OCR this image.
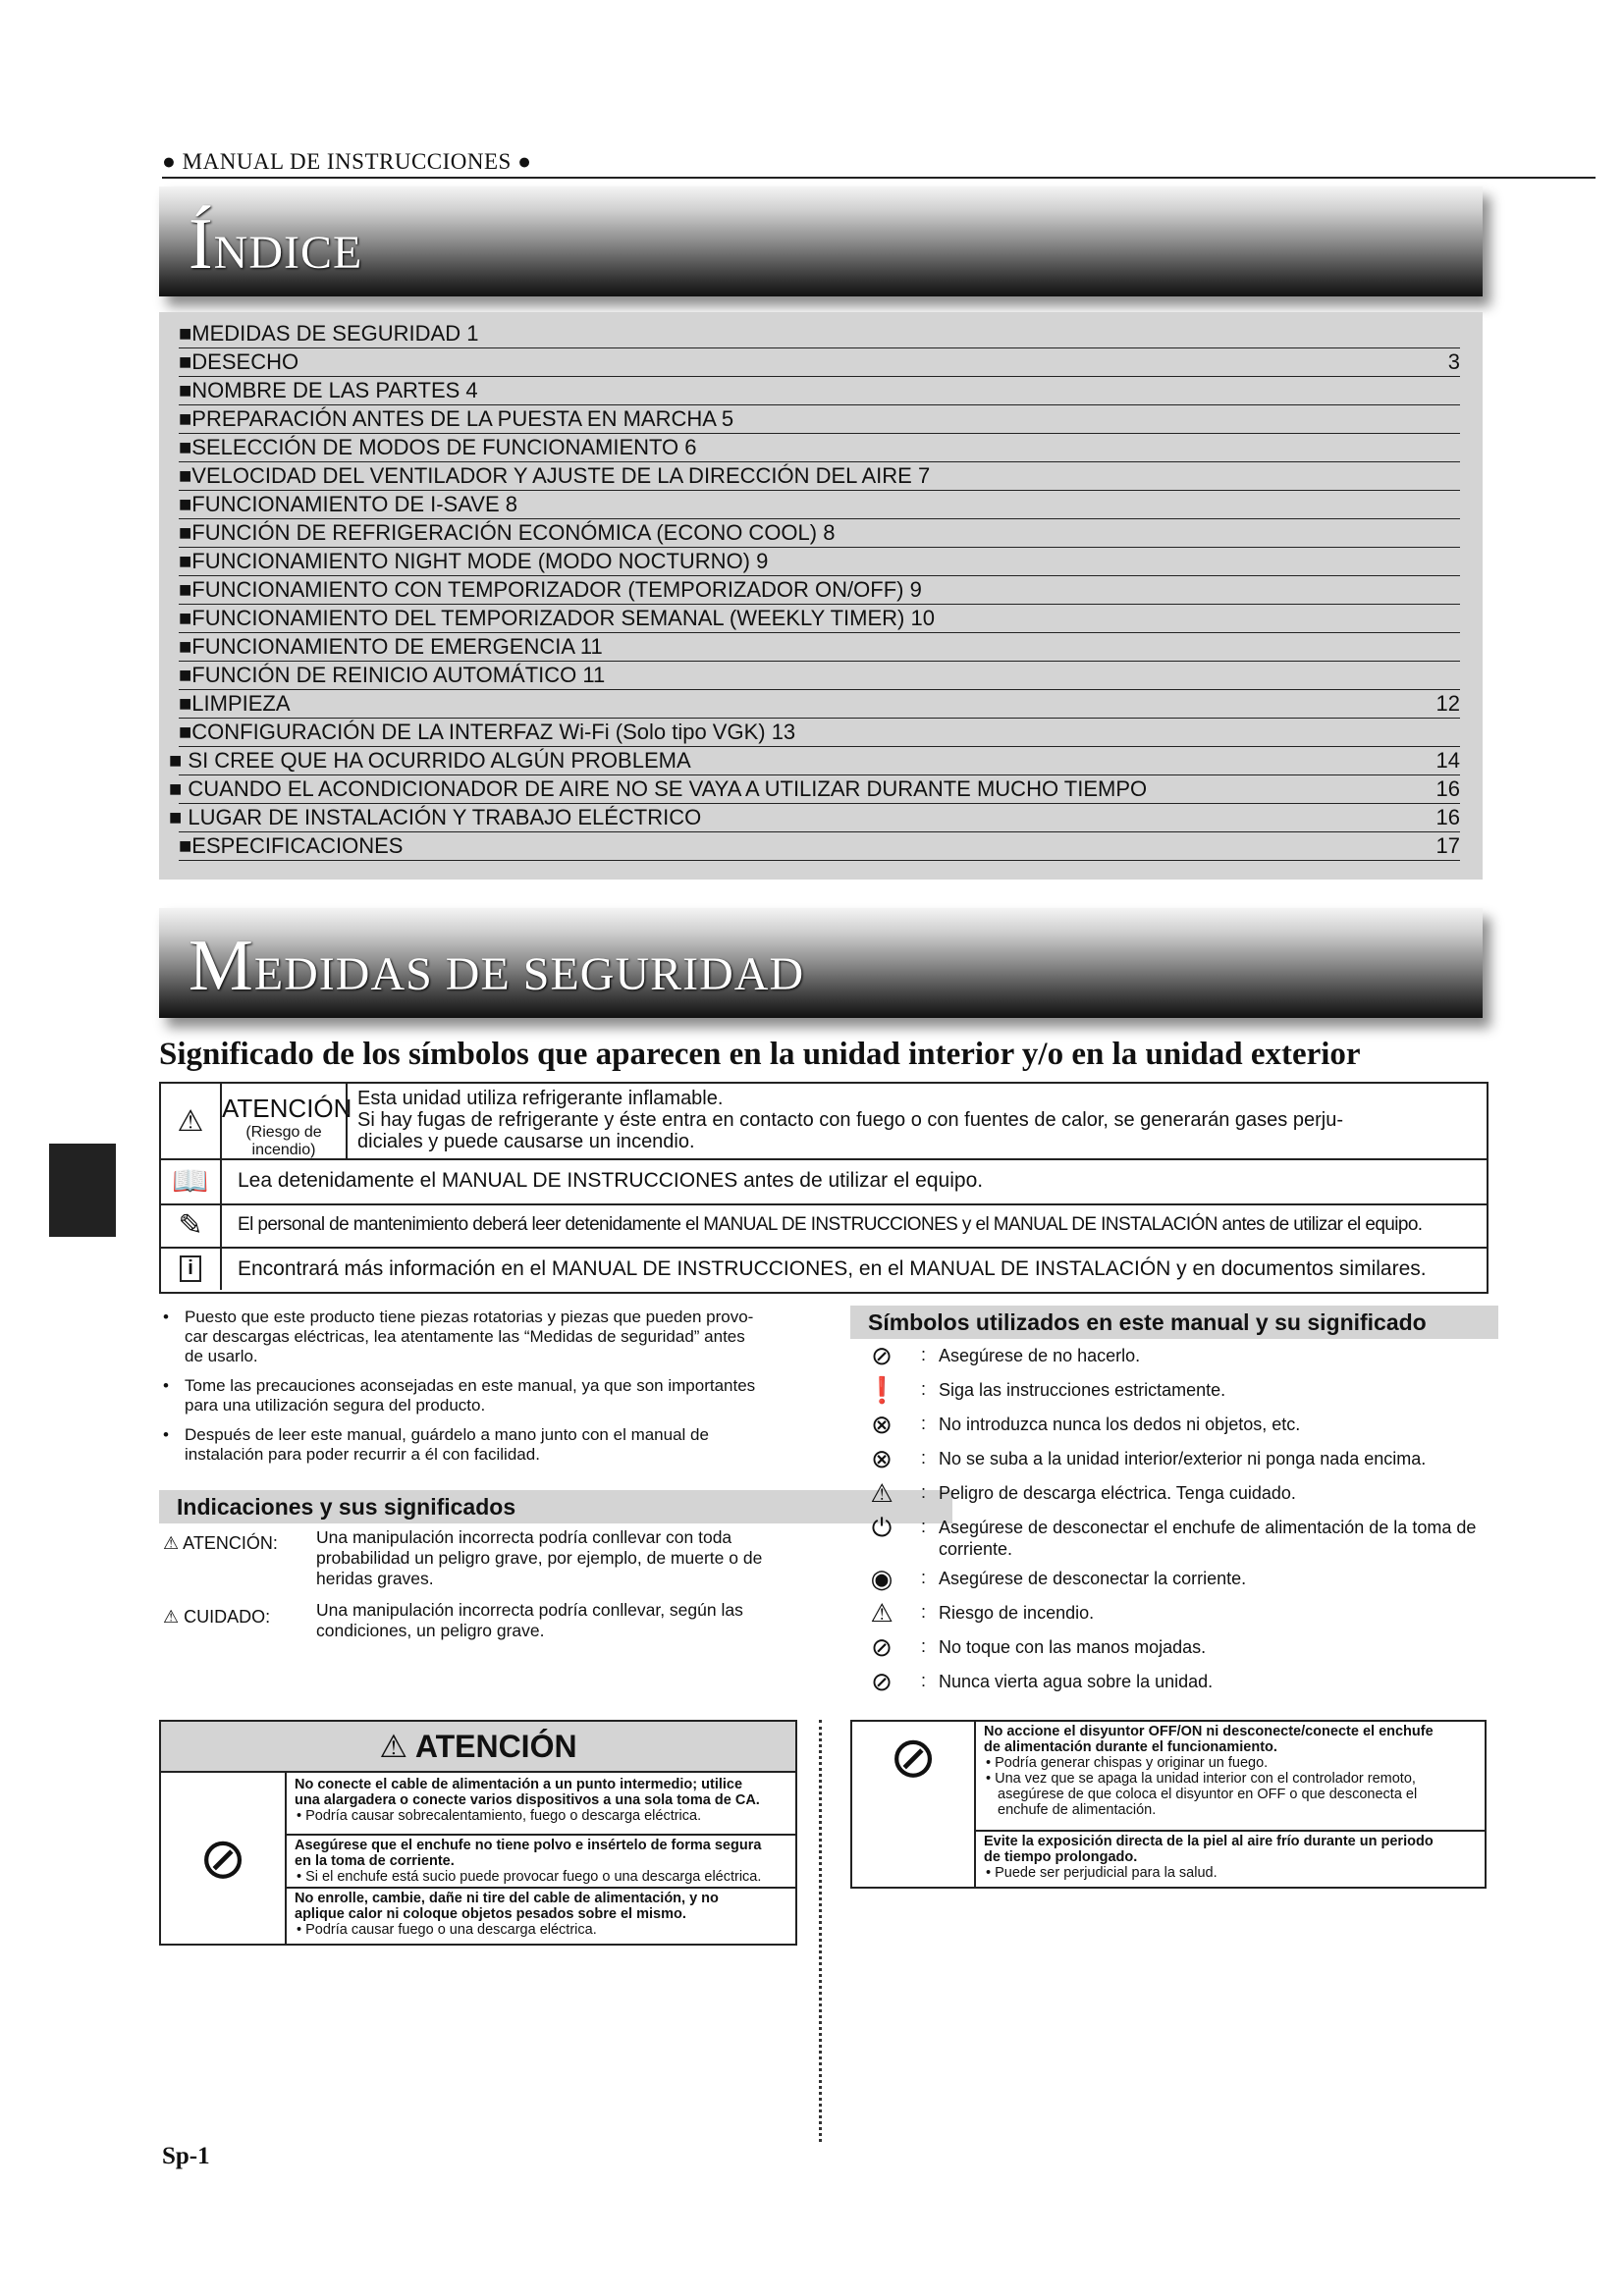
● MANUAL DE INSTRUCCIONES ●
ÍNDICE
■MEDIDAS DE SEGURIDAD 1
■DESECHO	3
■NOMBRE DE LAS PARTES 4
■PREPARACIÓN ANTES DE LA PUESTA EN MARCHA 5
■SELECCIÓN DE MODOS DE FUNCIONAMIENTO 6
■VELOCIDAD DEL VENTILADOR Y AJUSTE DE LA DIRECCIÓN DEL AIRE 7
■FUNCIONAMIENTO DE I-SAVE 8
■FUNCIÓN DE REFRIGERACIÓN ECONÓMICA (ECONO COOL) 8
■FUNCIONAMIENTO NIGHT MODE (MODO NOCTURNO) 9
■FUNCIONAMIENTO CON TEMPORIZADOR (TEMPORIZADOR ON/OFF) 9
■FUNCIONAMIENTO DEL TEMPORIZADOR SEMANAL (WEEKLY TIMER) 10
■FUNCIONAMIENTO DE EMERGENCIA 11
■FUNCIÓN DE REINICIO AUTOMÁTICO 11
■LIMPIEZA	12
■CONFIGURACIÓN DE LA INTERFAZ Wi-Fi (Solo tipo VGK) 13
■ SI CREE QUE HA OCURRIDO ALGÚN PROBLEMA	14
■ CUANDO EL ACONDICIONADOR DE AIRE NO SE VAYA A UTILIZAR DURANTE MUCHO TIEMPO	16
■ LUGAR DE INSTALACIÓN Y TRABAJO ELÉCTRICO	16
■ESPECIFICACIONES	17
MEDIDAS DE SEGURIDAD
Significado de los símbolos que aparecen en la unidad interior y/o en la unidad exterior
⚠ ATENCIÓN
(Riesgo de incendio)
Esta unidad utiliza refrigerante inflamable.
Si hay fugas de refrigerante y éste entra en contacto con fuego o con fuentes de calor, se generarán gases perju-
diciales y puede causarse un incendio.
📖	Lea detenidamente el MANUAL DE INSTRUCCIONES antes de utilizar el equipo.
✎	El personal de mantenimiento deberá leer detenidamente el MANUAL DE INSTRUCCIONES y el MANUAL DE INSTALACIÓN antes de utilizar el equipo.
i	Encontrará más información en el MANUAL DE INSTRUCCIONES, en el MANUAL DE INSTALACIÓN y en documentos similares.
• Puesto que este producto tiene piezas rotatorias y piezas que pueden provo-
car descargas eléctricas, lea atentamente las “Medidas de seguridad” antes
de usarlo.
• Tome las precauciones aconsejadas en este manual, ya que son importantes
para una utilización segura del producto.
• Después de leer este manual, guárdelo a mano junto con el manual de
instalación para poder recurrir a él con facilidad.
Indicaciones y sus significados
⚠ ATENCIÓN: Una manipulación incorrecta podría conllevar con toda
probabilidad un peligro grave, por ejemplo, de muerte o de
heridas graves.
⚠ CUIDADO:	Una manipulación incorrecta podría conllevar, según las
condiciones, un peligro grave.
Símbolos utilizados en este manual y su significado
⊘ : Asegúrese de no hacerlo.
❗ : Siga las instrucciones estrictamente.
⊗ : No introduzca nunca los dedos ni objetos, etc.
⊗ : No se suba a la unidad interior/exterior ni ponga nada encima.
⚠ : Peligro de descarga eléctrica. Tenga cuidado.
⏻	: Asegúrese de desconectar el enchufe de alimentación de la toma de
corriente.
◉ : Asegúrese de desconectar la corriente.
⚠ : Riesgo de incendio.
⊘ : No toque con las manos mojadas.
⊘ : Nunca vierta agua sobre la unidad.
⚠ ATENCIÓN
⊘
No conecte el cable de alimentación a un punto intermedio; utilice
una alargadera o conecte varios dispositivos a una sola toma de CA.
• Podría causar sobrecalentamiento, fuego o descarga eléctrica.
Asegúrese que el enchufe no tiene polvo e insértelo de forma segura
en la toma de corriente.
• Si el enchufe está sucio puede provocar fuego o una descarga eléctrica.
No enrolle, cambie, dañe ni tire del cable de alimentación, y no
aplique calor ni coloque objetos pesados sobre el mismo.
• Podría causar fuego o una descarga eléctrica.
⊘	No accione el disyuntor OFF/ON ni desconecte/conecte el enchufe
de alimentación durante el funcionamiento.
• Podría generar chispas y originar un fuego.
• Una vez que se apaga la unidad interior con el controlador remoto,
asegúrese de que coloca el disyuntor en OFF o que desconecta el
enchufe de alimentación.
Evite la exposición directa de la piel al aire frío durante un periodo
de tiempo prolongado.
• Puede ser perjudicial para la salud.
Sp-1
